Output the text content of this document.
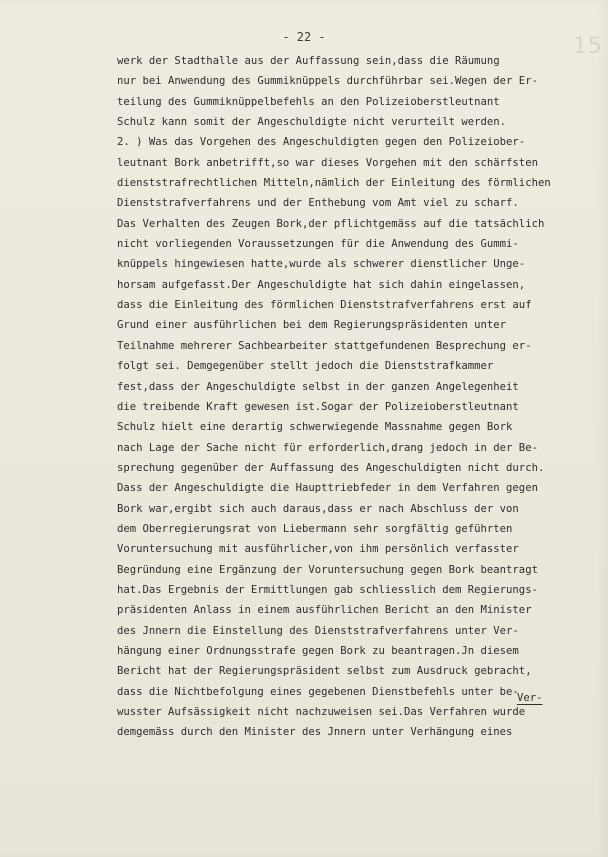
15
- 22 -
werk der Stadthalle aus der Auffassung sein,dass die Räumung
nur bei Anwendung des Gummiknüppels durchführbar sei.Wegen der Er-
teilung des Gummiknüppelbefehls an den Polizeioberstleutnant
Schulz kann somit der Angeschuldigte nicht verurteilt werden.
2. ) Was das Vorgehen des Angeschuldigten gegen den Polizeiober-
leutnant Bork anbetrifft,so war dieses Vorgehen mit den schärfsten
dienststrafrechtlichen Mitteln,nämlich der Einleitung des förmlichen
Dienststrafverfahrens und der Enthebung vom Amt viel zu scharf.
Das Verhalten des Zeugen Bork,der pflichtgemäss auf die tatsächlich
nicht vorliegenden Voraussetzungen für die Anwendung des Gummi-
knüppels hingewiesen hatte,wurde als schwerer dienstlicher Unge-
horsam aufgefasst.Der Angeschuldigte hat sich dahin eingelassen,
dass die Einleitung des förmlichen Dienststrafverfahrens erst auf
Grund einer ausführlichen bei dem Regierungspräsidenten unter
Teilnahme mehrerer Sachbearbeiter stattgefundenen Besprechung er-
folgt sei. Demgegenüber stellt jedoch die Dienststrafkammer
fest,dass der Angeschuldigte selbst in der ganzen Angelegenheit
die treibende Kraft gewesen ist.Sogar der Polizeioberstleutnant
Schulz hielt eine derartig schwerwiegende Massnahme gegen Bork
nach Lage der Sache nicht für erforderlich,drang jedoch in der Be-
sprechung gegenüber der Auffassung des Angeschuldigten nicht durch.
Dass der Angeschuldigte die Haupttriebfeder in dem Verfahren gegen
Bork war,ergibt sich auch daraus,dass er nach Abschluss der von
dem Oberregierungsrat von Liebermann sehr sorgfältig geführten
Voruntersuchung mit ausführlicher,von ihm persönlich verfasster
Begründung eine Ergänzung der Voruntersuchung gegen Bork beantragt
hat.Das Ergebnis der Ermittlungen gab schliesslich dem Regierungs-
präsidenten Anlass in einem ausführlichen Bericht an den Minister
des Jnnern die Einstellung des Dienststrafverfahrens unter Ver-
hängung einer Ordnungsstrafe gegen Bork zu beantragen.Jn diesem
Bericht hat der Regierungspräsident selbst zum Ausdruck gebracht,
dass die Nichtbefolgung eines gegebenen Dienstbefehls unter be-
wusster Aufsässigkeit nicht nachzuweisen sei.Das Verfahren wurde
demgemäss durch den Minister des Jnnern unter Verhängung eines
Ver-
